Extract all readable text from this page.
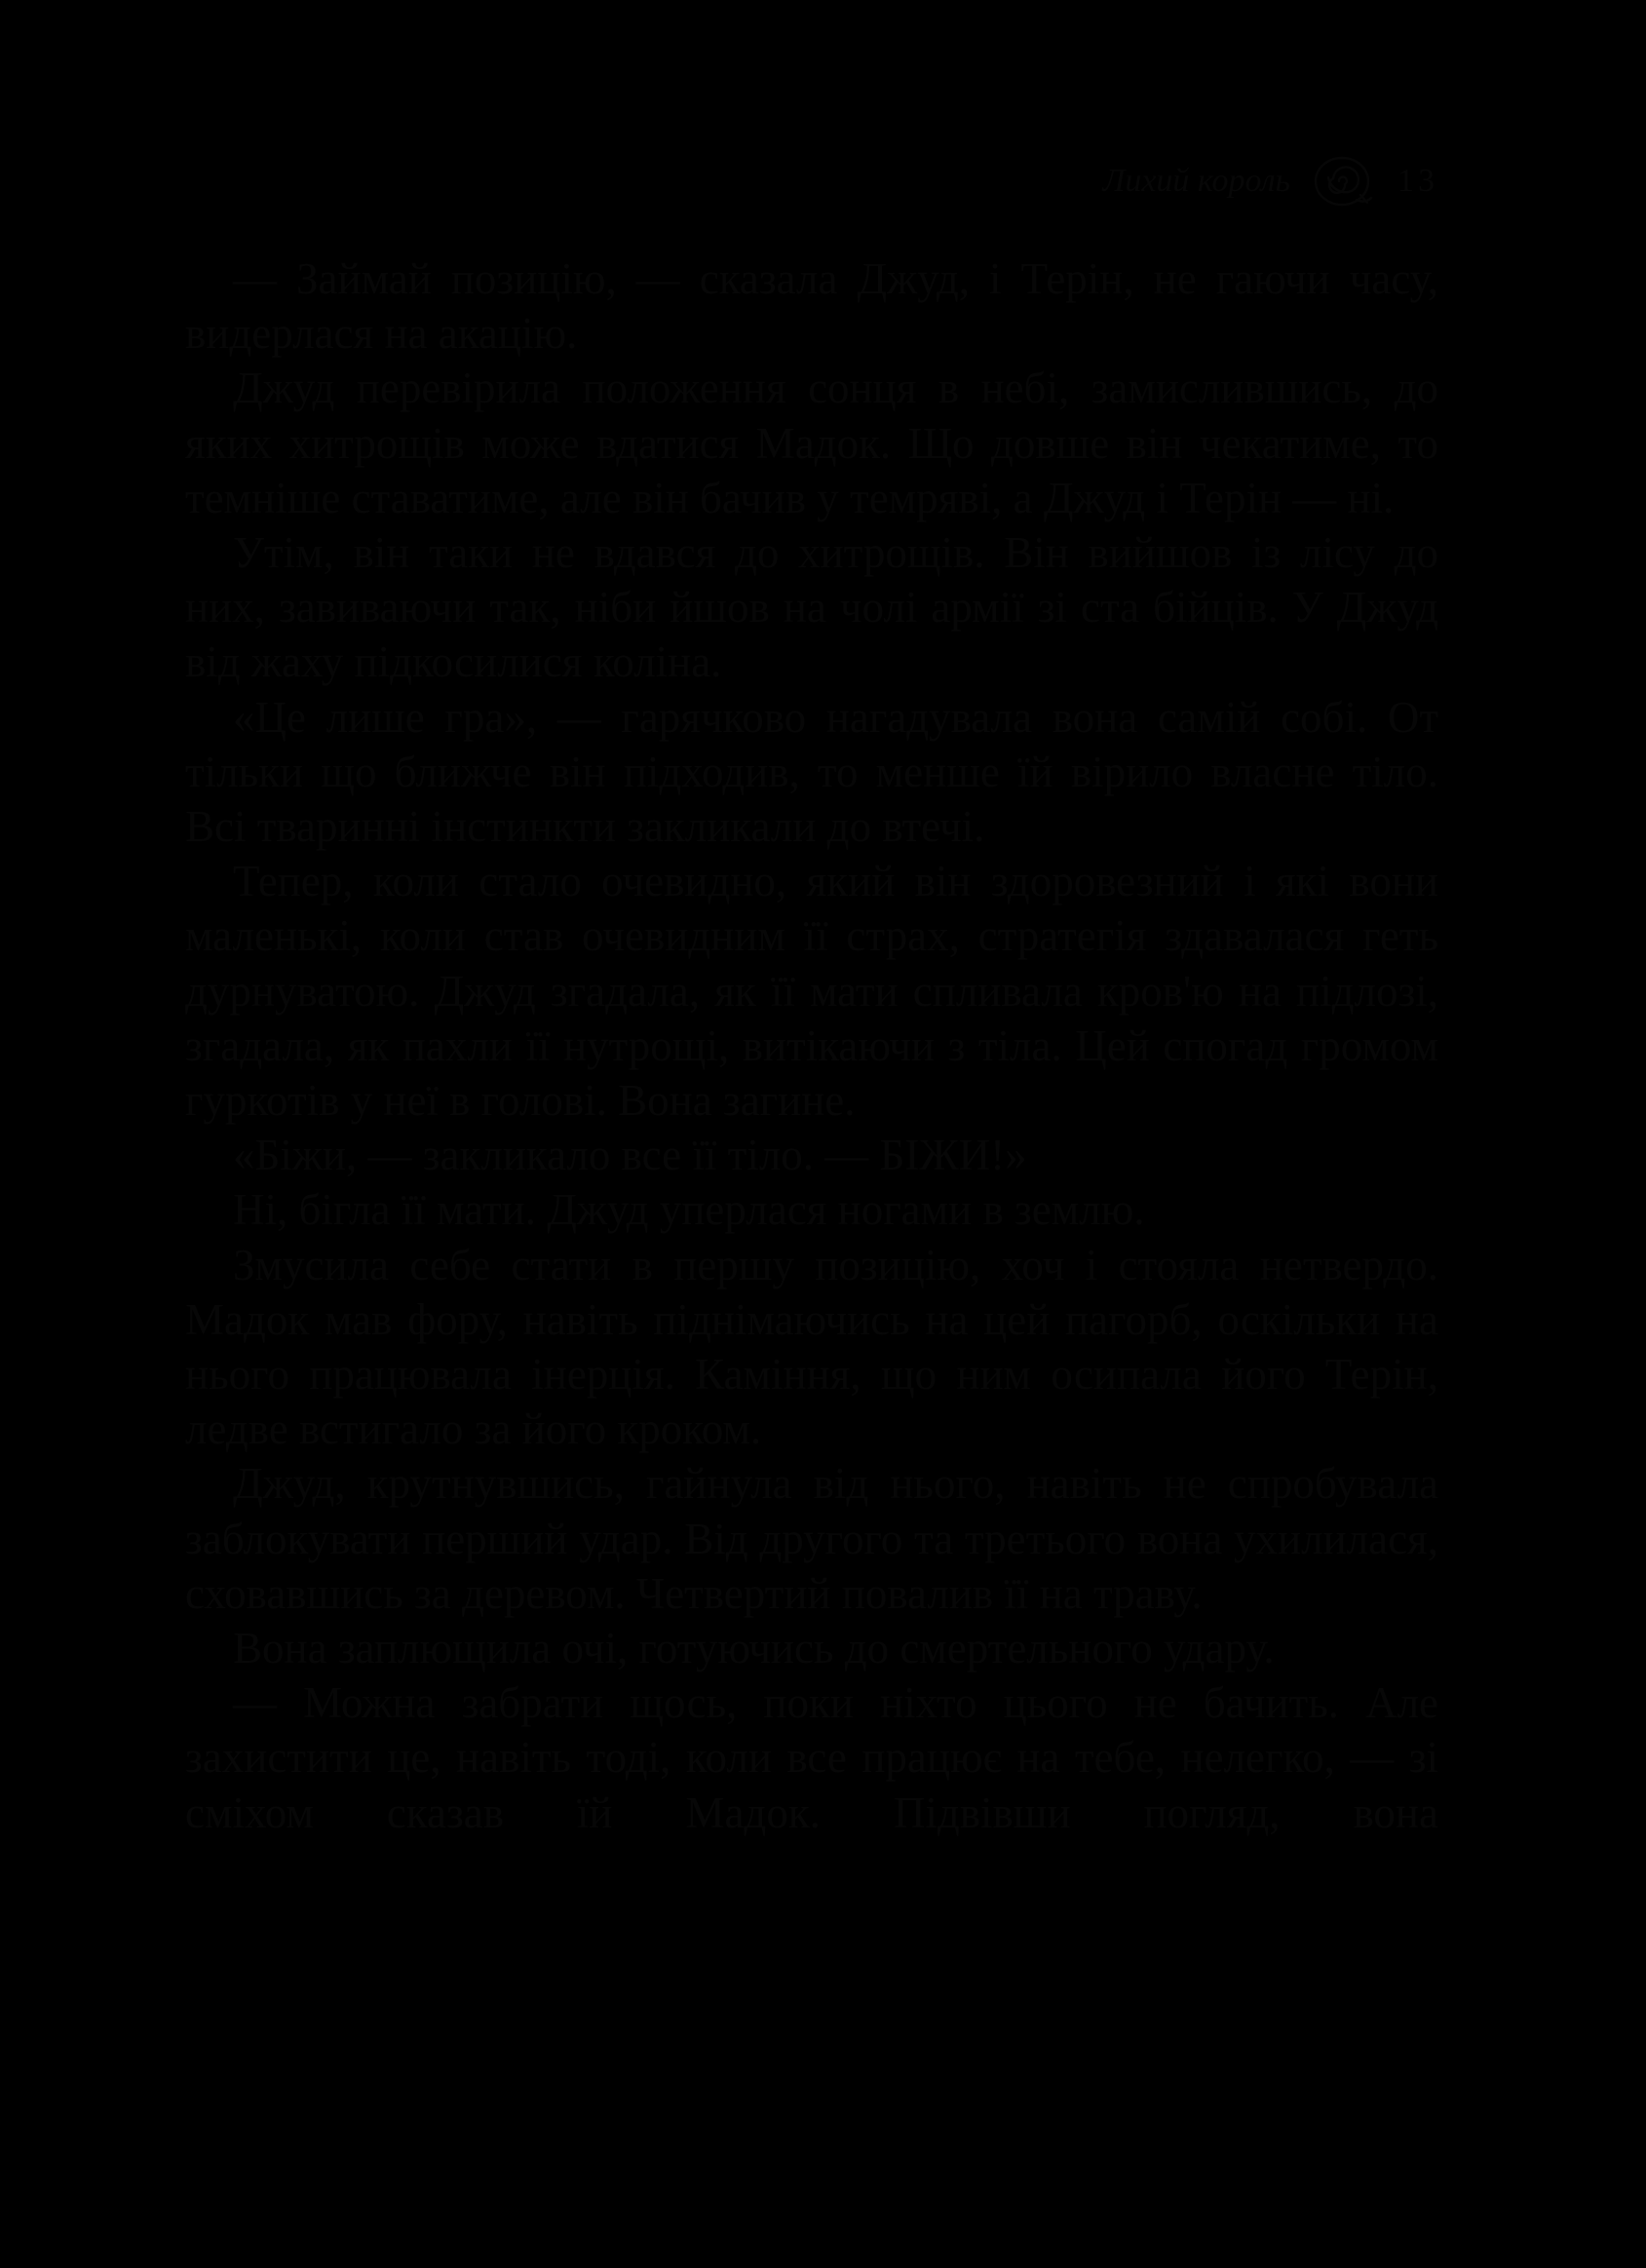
Лихий король	13

— Займай позицію, — сказала Джуд, і Терін, не гаючи часу, видерлася на акацію.

Джуд перевірила положення сонця в небі, замислившись, до яких хитрощів може вдатися Мадок. Що довше він чекатиме, то темніше ставатиме, але він бачив у темряві, а Джуд і Терін — ні.

Утім, він таки не вдався до хитрощів. Він вийшов із лісу до них, завиваючи так, ніби йшов на чолі армії зі ста бійців. У Джуд від жаху підкосилися коліна.

«Це лише гра», — гарячково нагадувала вона самій собі. От тільки що ближче він підходив, то менше їй вірило власне тіло. Всі тваринні інстинкти закликали до втечі.

Тепер, коли стало очевидно, який він здоровезний і які вони маленькі, коли став очевидним її страх, стратегія здавалася геть дурнуватою. Джуд згадала, як її мати спливала кров'ю на підлозі, згадала, як пахли її нутрощі, витікаючи з тіла. Цей спогад громом гуркотів у неї в голові. Вона загине.

«Біжи, — закликало все її тіло. — БІЖИ!»

Ні, бігла її мати. Джуд уперлася ногами в землю.

Змусила себе стати в першу позицію, хоч і стояла нетвердо. Мадок мав фору, навіть піднімаючись на цей пагорб, оскільки на нього працювала інерція. Каміння, що ним осипала його Терін, ледве встигало за його кроком.

Джуд, крутнувшись, гайнула від нього, навіть не спробувала заблокувати перший удар. Від другого та третього вона ухилилася, сховавшись за деревом. Четвертий повалив її на траву.

Вона заплющила очі, готуючись до смертельного удару.

— Можна забрати щось, поки ніхто цього не бачить. Але захистити це, навіть тоді, коли все працює на тебе, нелегко, — зі сміхом сказав їй Мадок. Підвівши погляд, вона
